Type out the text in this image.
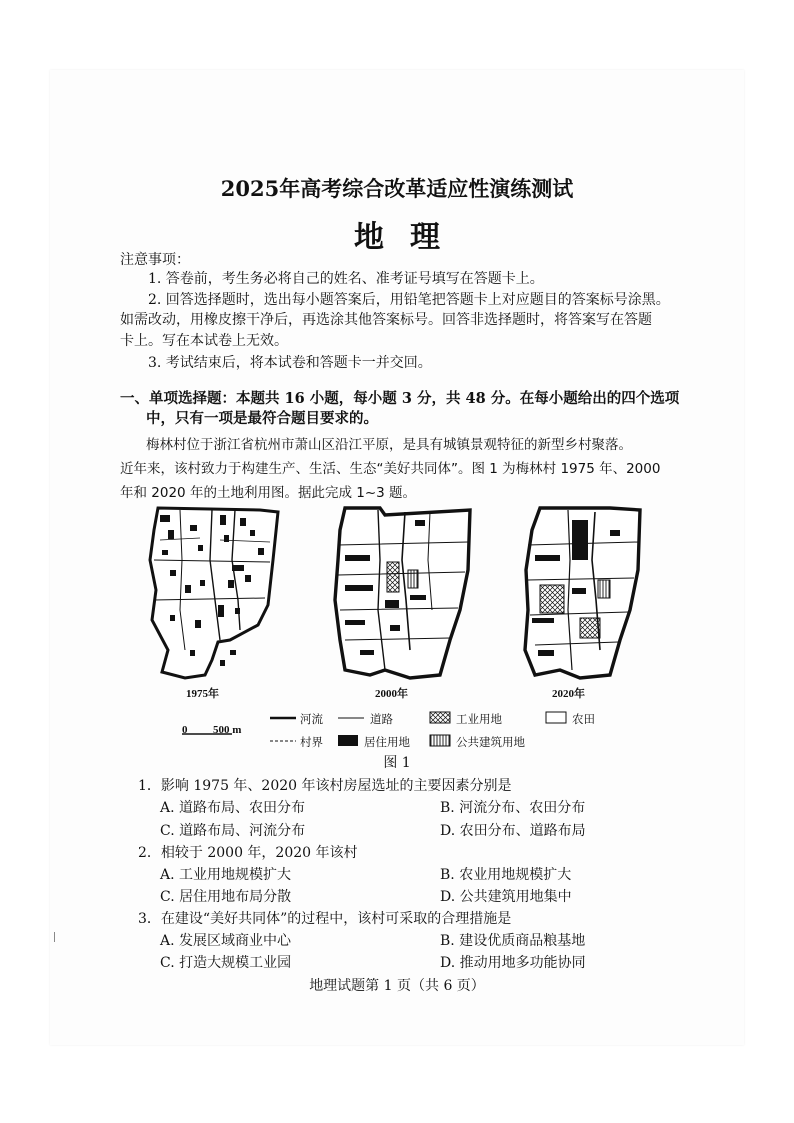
2025年高考综合改革适应性演练测试
地理
注意事项：
1. 答卷前，考生务必将自己的姓名、准考证号填写在答题卡上。
2. 回答选择题时，选出每小题答案后，用铅笔把答题卡上对应题目的答案标号涂黑。
如需改动，用橡皮擦干净后，再选涂其他答案标号。回答非选择题时，将答案写在答题
卡上。写在本试卷上无效。
3. 考试结束后，将本试卷和答题卡一并交回。
一、单项选择题：本题共 16 小题，每小题 3 分，共 48 分。在每小题给出的四个选项
中，只有一项是最符合题目要求的。
梅林村位于浙江省杭州市萧山区沿江平原，是具有城镇景观特征的新型乡村聚落。
近年来，该村致力于构建生产、生活、生态“美好共同体”。图 1 为梅林村 1975 年、2000
年和 2020 年的土地利用图。据此完成 1~3 题。
1975年	2000年	2020年
0 500 m
河流	道路	工业用地	农田
村界	居住用地	公共建筑用地
图 1
1．影响 1975 年、2020 年该村房屋选址的主要因素分别是
A. 道路布局、农田分布	B. 河流分布、农田分布
C. 道路布局、河流分布	D. 农田分布、道路布局
2．相较于 2000 年，2020 年该村
A. 工业用地规模扩大	B. 农业用地规模扩大
C. 居住用地布局分散	D. 公共建筑用地集中
3．在建设“美好共同体”的过程中，该村可采取的合理措施是
A. 发展区域商业中心	B. 建设优质商品粮基地
C. 打造大规模工业园	D. 推动用地多功能协同
地理试题第 1 页（共 6 页）
